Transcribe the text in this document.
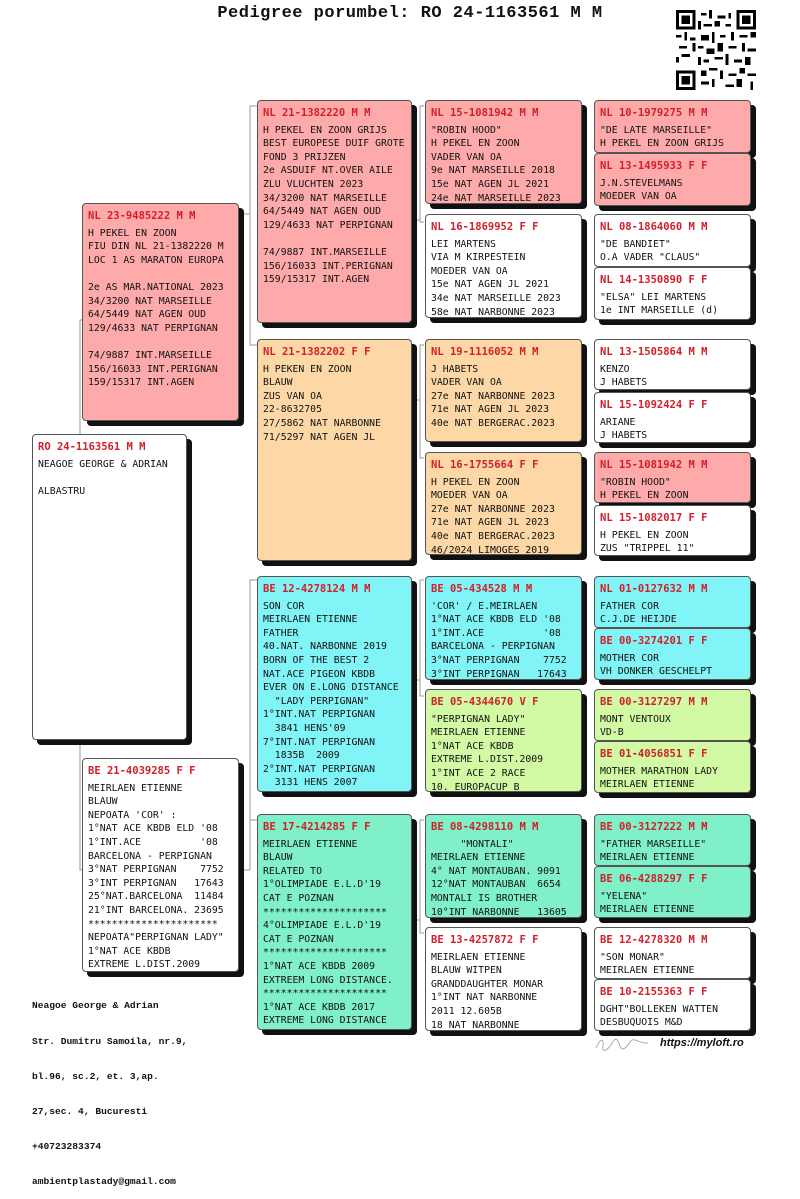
Pedigree porumbel: RO 24-1163561 M M
RO 24-1163561 M M
NEAGOE GEORGE & ADRIAN
ALBASTRU
NL 23-9485222 M M
H PEKEL EN ZOON
FIU DIN NL 21-1382220 M
LOC 1 AS MARATON EUROPA
2e AS MAR.NATIONAL 2023
34/3200 NAT MARSEILLE
64/5449 NAT AGEN OUD
129/4633 NAT PERPIGNAN
74/9887 INT.MARSEILLE
156/16033 INT.PERIGNAN
159/15317 INT.AGEN
BE 21-4039285 F F
MEIRLAEN ETIENNE
BLAUW
NEPOATA 'COR' :
1°NAT ACE KBDB ELD '08
1°INT.ACE          '08
BARCELONA - PERPIGNAN
3°NAT PERPIGNAN    7752
3°INT PERPIGNAN   17643
25°NAT.BARCELONA  11484
21°INT BARCELONA. 23695
**********************
NEPOATA"PERPIGNAN LADY"
1°NAT ACE KBDB
EXTREME L.DIST.2009
NL 21-1382220 M M
H PEKEL EN ZOON GRIJS
BEST EUROPESE DUIF GROTE
FOND 3 PRIJZEN
2e ASDUIF NT.OVER AILE
ZLU VLUCHTEN 2023
34/3200 NAT MARSEILLE
64/5449 NAT AGEN OUD
129/4633 NAT PERPIGNAN
74/9887 INT.MARSEILLE
156/16033 INT.PERIGNAN
159/15317 INT.AGEN
NL 21-1382202 F F
H PEKEN EN ZOON
BLAUW
ZUS VAN OA
22-8632705
27/5862 NAT NARBONNE
71/5297 NAT AGEN JL
BE 12-4278124 M M
SON COR
MEIRLAEN ETIENNE
FATHER
40.NAT. NARBONNE 2019
BORN OF THE BEST 2
NAT.ACE PIGEON KBDB
EVER ON E.LONG DISTANCE
"LADY PERPIGNAN"
1°INT.NAT PERPIGNAN
3841 HENS'09
7°INT.NAT PERPIGNAN
1835B  2009
2°INT.NAT PERPIGNAN
3131 HENS 2007
BE 17-4214285 F F
MEIRLAEN ETIENNE
BLAUW
RELATED TO
1°OLIMPIADE E.L.D'19
CAT E POZNAN
*********************
4°OLIMPIADE E.L.D'19
CAT E POZNAN
*********************
1°NAT ACE KBDB 2009
EXTREEM LONG DISTANCE.
*********************
1°NAT ACE KBDB 2017
EXTREME LONG DISTANCE
NL 15-1081942 M M
"ROBIN HOOD"
H PEKEL EN ZOON
VADER VAN OA
9e NAT MARSEILLE 2018
15e NAT AGEN JL 2021
24e NAT MARSEILLE 2023
NL 16-1869952 F F
LEI MARTENS
VIA M KIRPESTEIN
MOEDER VAN OA
15e NAT AGEN JL 2021
34e NAT MARSEILLE 2023
58e NAT NARBONNE 2023
NL 19-1116052 M M
J HABETS
VADER VAN OA
27e NAT NARBONNE 2023
71e NAT AGEN JL 2023
40e NAT BERGERAC.2023
NL 16-1755664 F F
H PEKEL EN ZOON
MOEDER VAN OA
27e NAT NARBONNE 2023
71e NAT AGEN JL 2023
40e NAT BERGERAC.2023
46/2024 LIMOGES 2019
BE 05-434528 M M
'COR' / E.MEIRLAEN
1°NAT ACE KBDB ELD '08
1°INT.ACE          '08
BARCELONA - PERPIGNAN
3°NAT PERPIGNAN    7752
3°INT PERPIGNAN   17643
BE 05-4344670 V F
"PERPIGNAN LADY"
MEIRLAEN ETIENNE
1°NAT ACE KBDB
EXTREME L.DIST.2009
1°INT ACE 2 RACE
10. EUROPACUP B
BE 08-4298110 M M
"MONTALI"
MEIRLAEN ETIENNE
4° NAT MONTAUBAN. 9091
12°NAT MONTAUBAN  6654
MONTALI IS BROTHER
10°INT NARBONNE   13605
BE 13-4257872 F F
MEIRLAEN ETIENNE
BLAUW WITPEN
GRANDDAUGHTER MONAR
1°INT NAT NARBONNE
2011 12.605B
18 NAT NARBONNE
NL 10-1979275 M M
"DE LATE MARSEILLE"
H PEKEL EN ZOON GRIJS
NL 13-1495933 F F
J.N.STEVELMANS
MOEDER VAN OA
NL 08-1864060 M M
"DE BANDIET"
O.A VADER "CLAUS"
NL 14-1350890 F F
"ELSA" LEI MARTENS
1e INT MARSEILLE (d)
NL 13-1505864 M M
KENZO
J HABETS
NL 15-1092424 F F
ARIANE
J HABETS
NL 15-1081942 M M
"ROBIN HOOD"
H PEKEL EN ZOON
NL 15-1082017 F F
H PEKEL EN ZOON
ZUS "TRIPPEL 11"
NL 01-0127632 M M
FATHER COR
C.J.DE HEIJDE
BE 00-3274201 F F
MOTHER COR
VH DONKER GESCHELPT
BE 00-3127297 M M
MONT VENTOUX
VD-B
BE 01-4056851 F F
MOTHER MARATHON LADY
MEIRLAEN ETIENNE
BE 00-3127222 M M
"FATHER MARSEILLE"
MEIRLAEN ETIENNE
BE 06-4288297 F F
"YELENA"
MEIRLAEN ETIENNE
BE 12-4278320 M M
"SON MONAR"
MEIRLAEN ETIENNE
BE 10-2155363 F F
DGHT"BOLLEKEN WATTEN
DESBUQUOIS M&D

Neagoe George & Adrian

Str. Dumitru Samoila, nr.9,

bl.96, sc.2, et. 3,ap.

27,sec. 4, Bucuresti

+40723283374

ambientplastady@gmail.com

https://myloft.ro
